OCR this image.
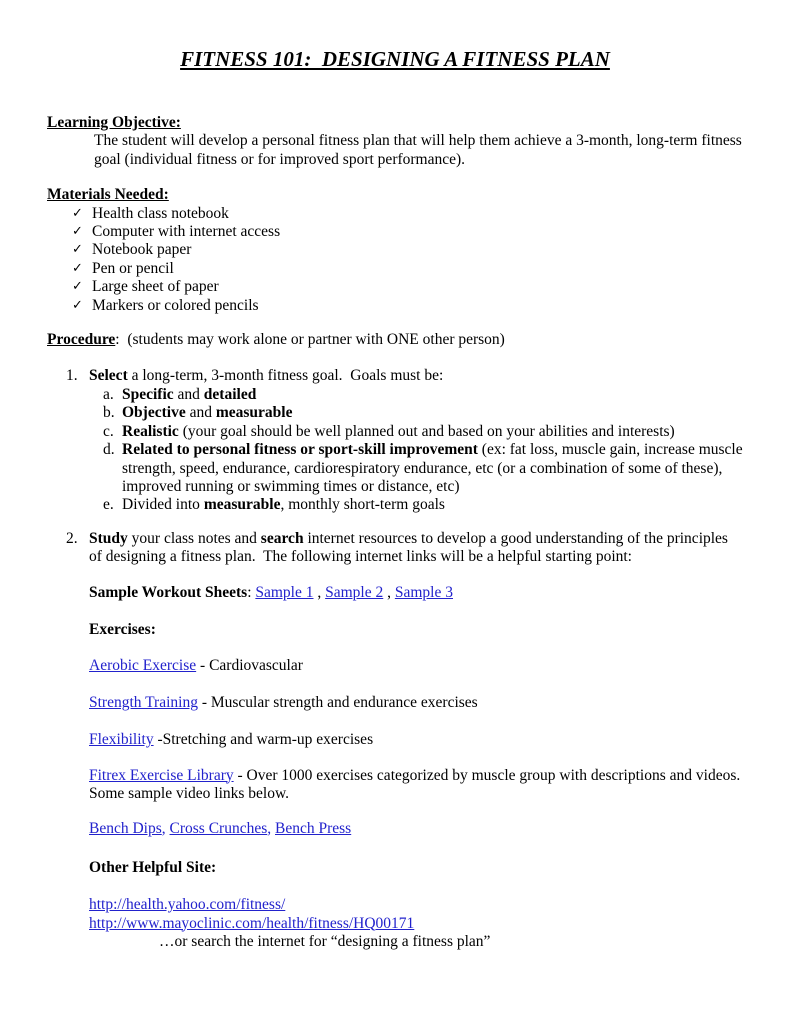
FITNESS 101:  DESIGNING A FITNESS PLAN
Learning Objective:
The student will develop a personal fitness plan that will help them achieve a 3-month, long-term fitness goal (individual fitness or for improved sport performance).
Materials Needed:
✓ Health class notebook
✓ Computer with internet access
✓ Notebook paper
✓ Pen or pencil
✓ Large sheet of paper
✓ Markers or colored pencils
Procedure:  (students may work alone or partner with ONE other person)
1. Select a long-term, 3-month fitness goal.  Goals must be:
a. Specific and detailed
b. Objective and measurable
c. Realistic (your goal should be well planned out and based on your abilities and interests)
d. Related to personal fitness or sport-skill improvement (ex: fat loss, muscle gain, increase muscle strength, speed, endurance, cardiorespiratory endurance, etc (or a combination of some of these), improved running or swimming times or distance, etc)
e. Divided into measurable, monthly short-term goals
2. Study your class notes and search internet resources to develop a good understanding of the principles of designing a fitness plan.  The following internet links will be a helpful starting point:
Sample Workout Sheets: Sample 1 , Sample 2 , Sample 3
Exercises:
Aerobic Exercise - Cardiovascular
Strength Training - Muscular strength and endurance exercises
Flexibility -Stretching and warm-up exercises
Fitrex Exercise Library - Over 1000 exercises categorized by muscle group with descriptions and videos. Some sample video links below.
Bench Dips, Cross Crunches, Bench Press
Other Helpful Site:
http://health.yahoo.com/fitness/
http://www.mayoclinic.com/health/fitness/HQ00171
…or search the internet for “designing a fitness plan”
